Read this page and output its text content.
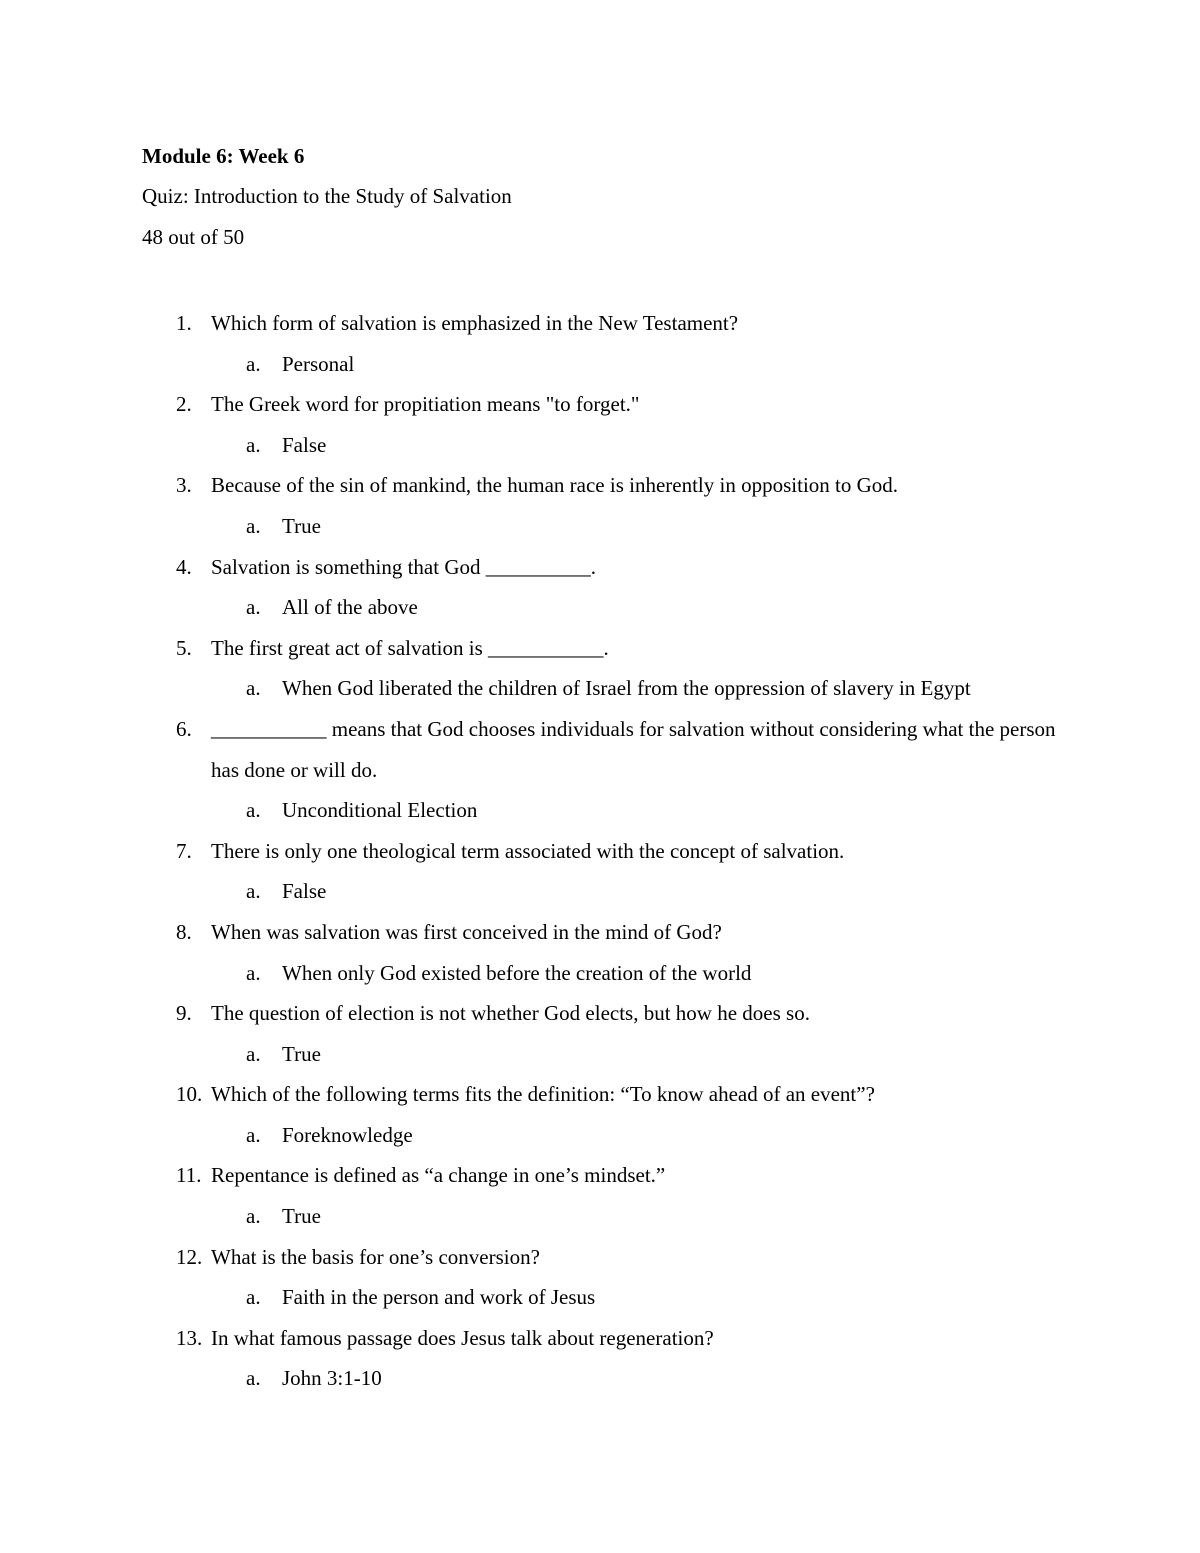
Module 6: Week 6
Quiz: Introduction to the Study of Salvation
48 out of 50
1. Which form of salvation is emphasized in the New Testament?
a. Personal
2. The Greek word for propitiation means "to forget."
a. False
3. Because of the sin of mankind, the human race is inherently in opposition to God.
a. True
4. Salvation is something that God __________.
a. All of the above
5. The first great act of salvation is ___________.
a. When God liberated the children of Israel from the oppression of slavery in Egypt
6. ___________ means that God chooses individuals for salvation without considering what the person has done or will do.
a. Unconditional Election
7. There is only one theological term associated with the concept of salvation.
a. False
8. When was salvation was first conceived in the mind of God?
a. When only God existed before the creation of the world
9. The question of election is not whether God elects, but how he does so.
a. True
10. Which of the following terms fits the definition: “To know ahead of an event”?
a. Foreknowledge
11. Repentance is defined as “a change in one’s mindset.”
a. True
12. What is the basis for one’s conversion?
a. Faith in the person and work of Jesus
13. In what famous passage does Jesus talk about regeneration?
a. John 3:1-10
